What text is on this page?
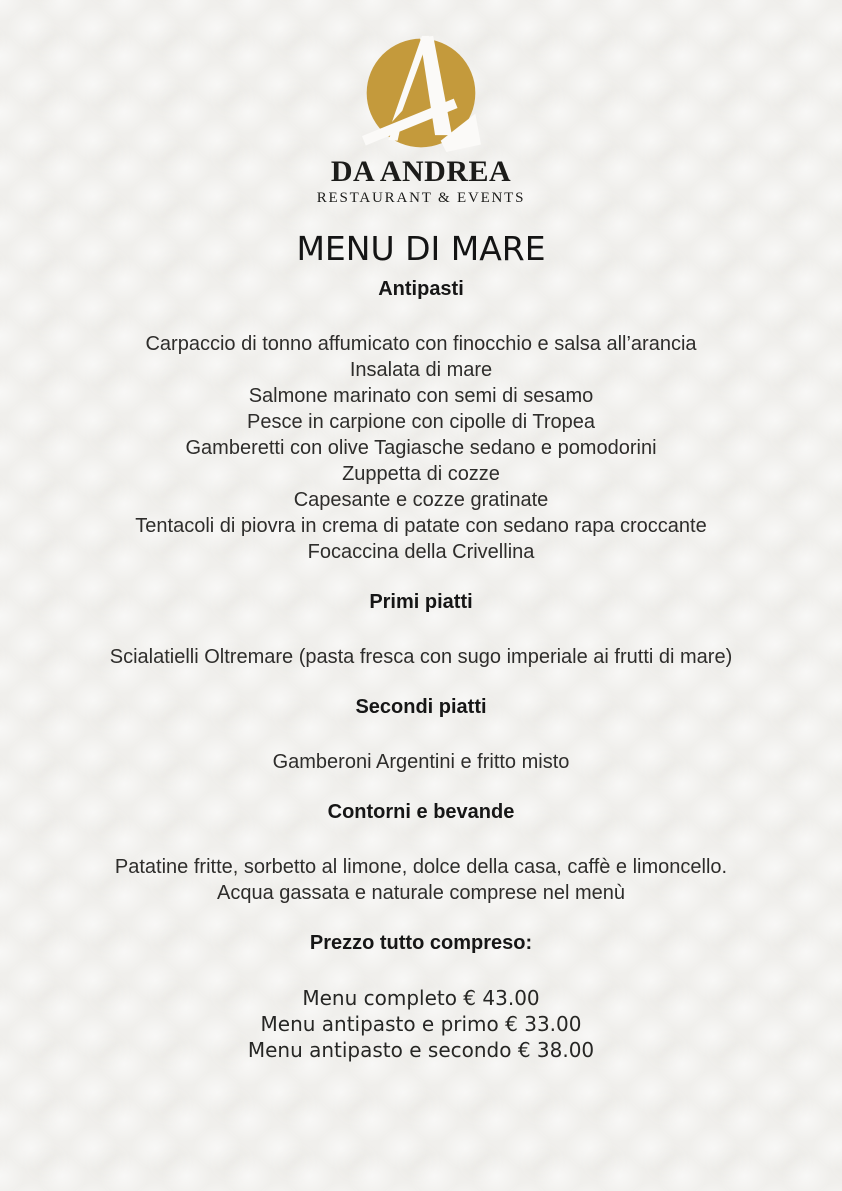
DA ANDREA
RESTAURANT & EVENTS
MENU DI MARE
Antipasti
Carpaccio di tonno affumicato con finocchio e salsa all’arancia
Insalata di mare
Salmone marinato con semi di sesamo
Pesce in carpione con cipolle di Tropea
Gamberetti con olive Tagiasche sedano e pomodorini
Zuppetta di cozze
Capesante e cozze gratinate
Tentacoli di piovra in crema di patate con sedano rapa croccante
Focaccina della Crivellina
Primi piatti
Scialatielli Oltremare (pasta fresca con sugo imperiale ai frutti di mare)
Secondi piatti
Gamberoni Argentini e fritto misto
Contorni e bevande
Patatine fritte, sorbetto al limone, dolce della casa, caffè e limoncello.
Acqua gassata e naturale comprese nel menù
Prezzo tutto compreso:
Menu completo € 43.00
Menu antipasto e primo € 33.00
Menu antipasto e secondo € 38.00
